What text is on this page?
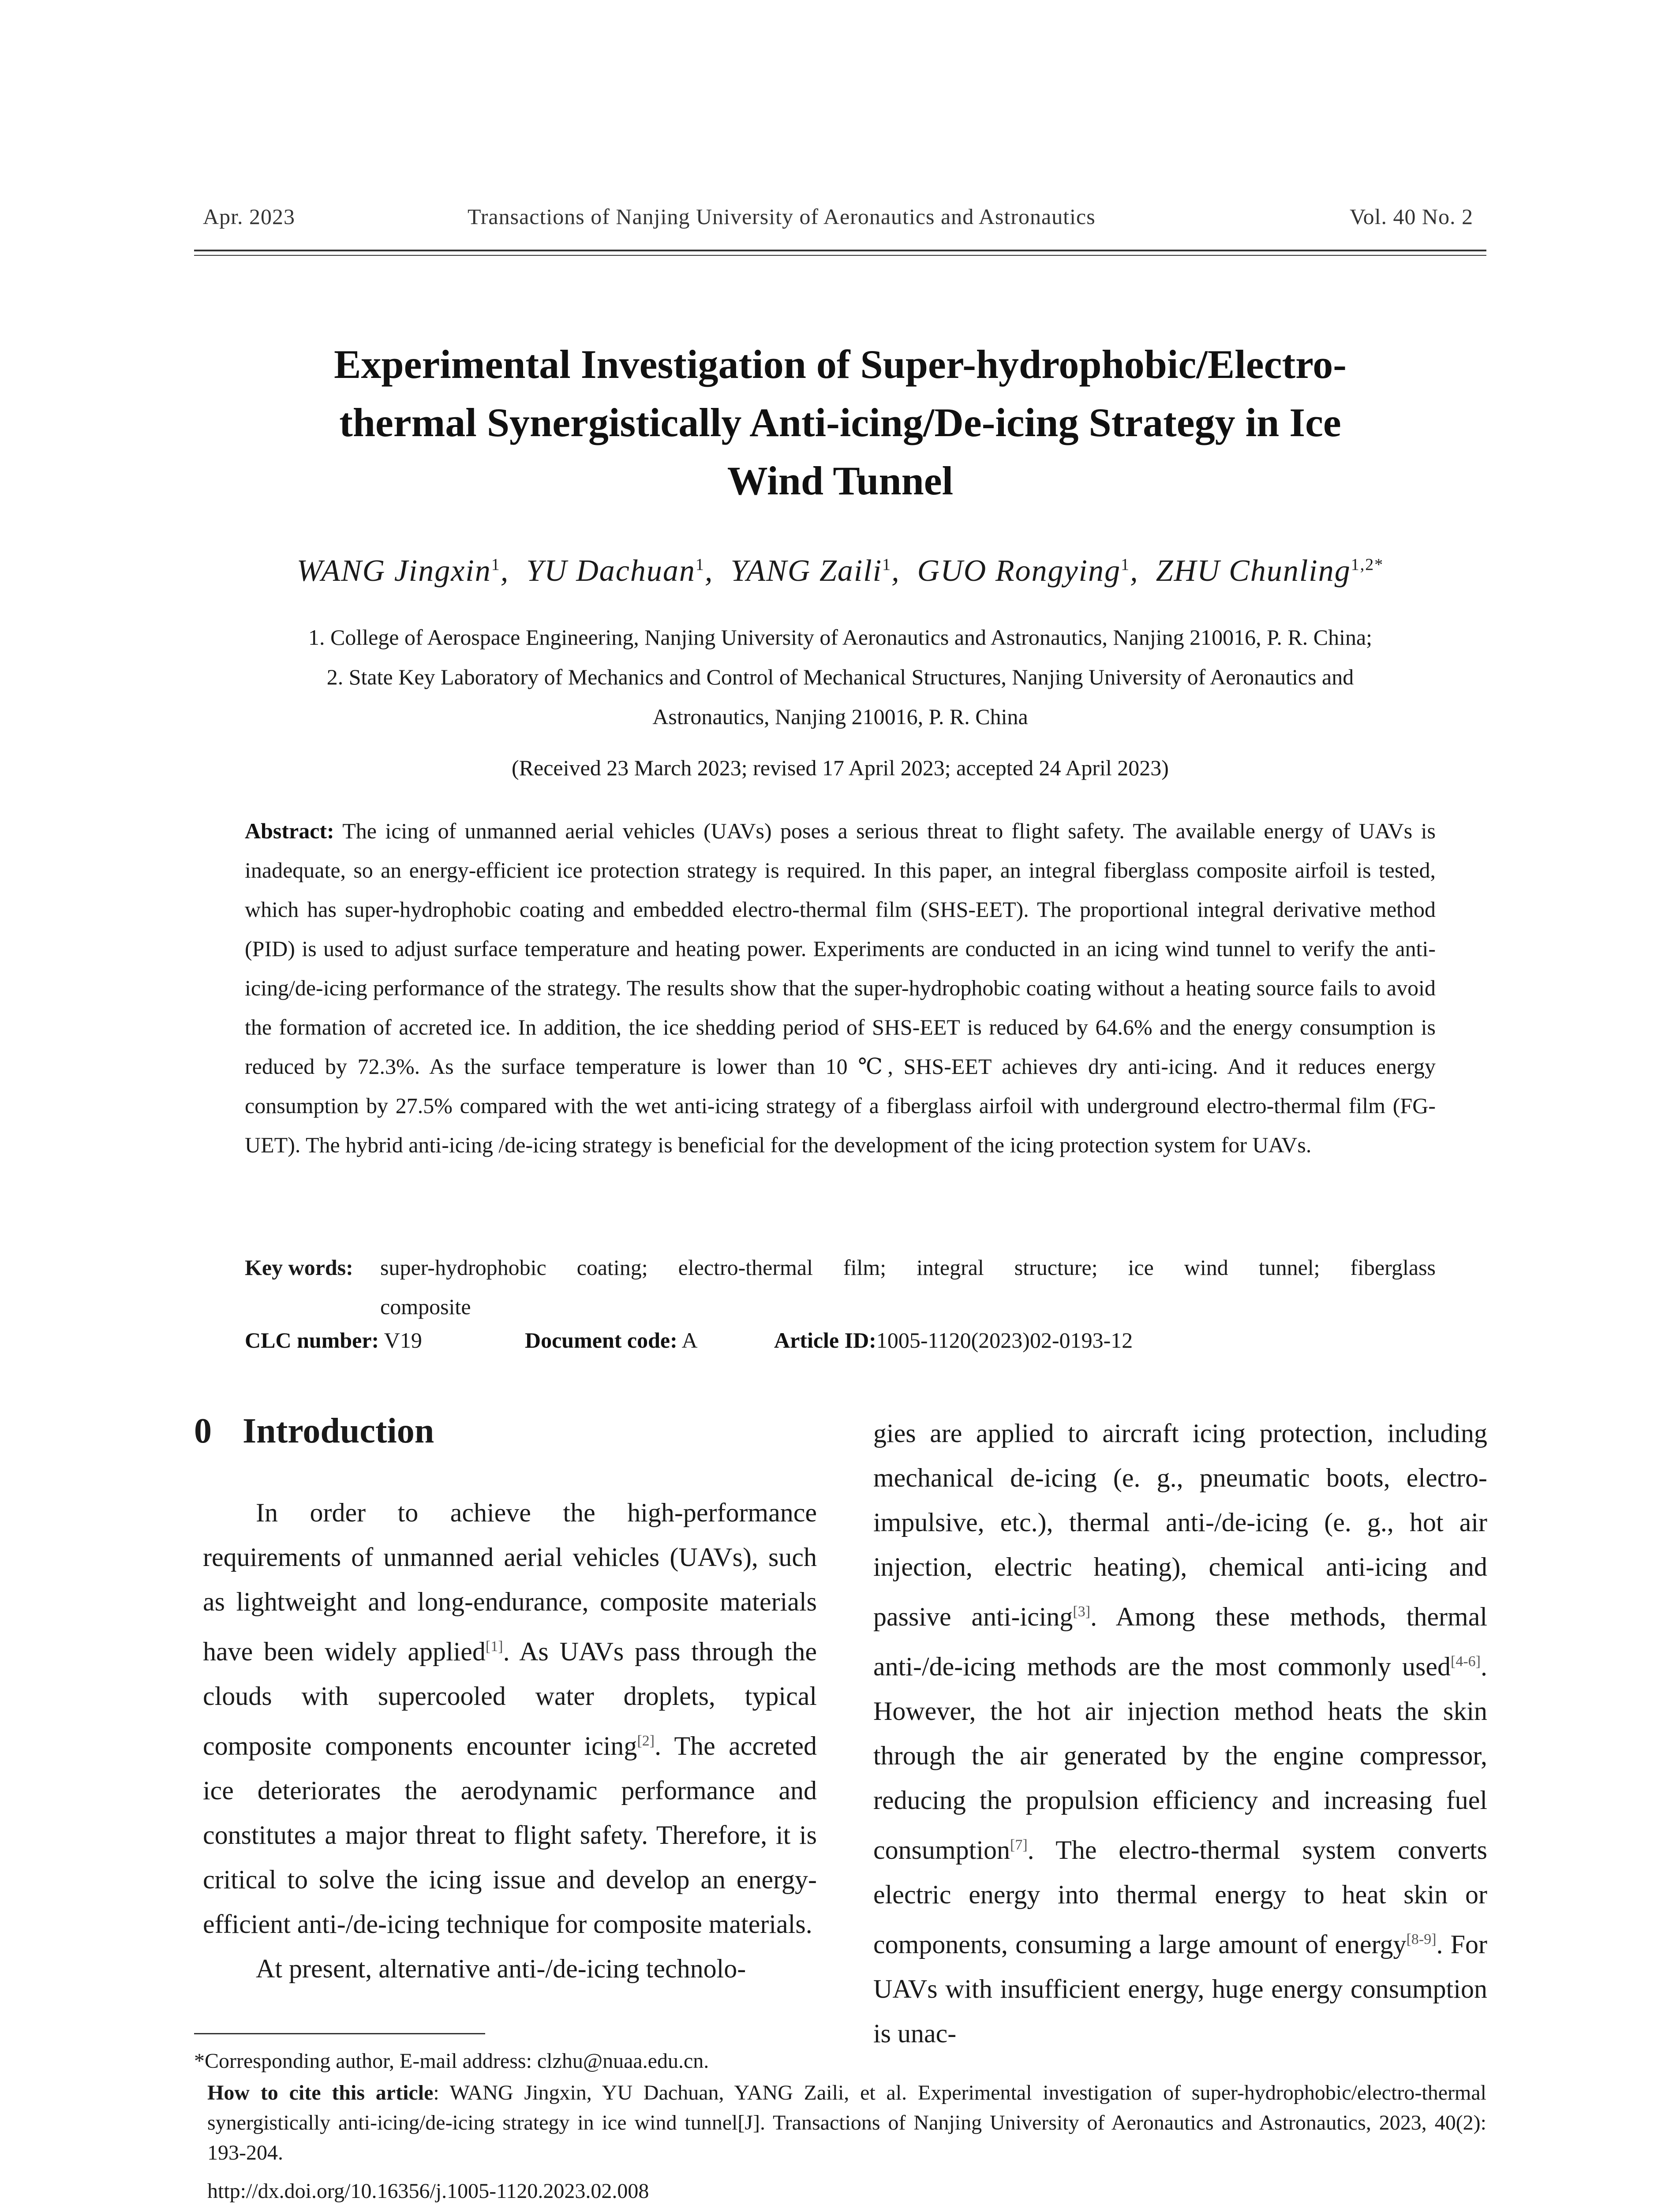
Apr. 2023	Transactions of Nanjing University of Aeronautics and Astronautics	Vol. 40 No. 2
Experimental Investigation of Super-hydrophobic/Electro-
thermal Synergistically Anti-icing/De-icing Strategy in Ice
Wind Tunnel
WANG Jingxin$^1$,  YU Dachuan$^1$,  YANG Zaili$^1$,  GUO Rongying$^1$,  ZHU Chunling$^{1,2*}$
1. College of Aerospace Engineering, Nanjing University of Aeronautics and Astronautics, Nanjing 210016, P. R. China;
2. State Key Laboratory of Mechanics and Control of Mechanical Structures, Nanjing University of Aeronautics and
Astronautics, Nanjing 210016, P. R. China
(Received 23 March 2023; revised 17 April 2023; accepted 24 April 2023)
Abstract: The icing of unmanned aerial vehicles (UAVs) poses a serious threat to flight safety. The available energy of UAVs is inadequate, so an energy-efficient ice protection strategy is required. In this paper, an integral fiberglass composite airfoil is tested, which has super-hydrophobic coating and embedded electro-thermal film (SHS-EET). The proportional integral derivative method (PID) is used to adjust surface temperature and heating power. Experiments are conducted in an icing wind tunnel to verify the anti-icing/de-icing performance of the strategy. The results show that the super-hydrophobic coating without a heating source fails to avoid the formation of accreted ice. In addition, the ice shedding period of SHS-EET is reduced by 64.6% and the energy consumption is reduced by 72.3%. As the surface temperature is lower than 10 ℃, SHS-EET achieves dry anti-icing. And it reduces energy consumption by 27.5% compared with the wet anti-icing strategy of a fiberglass airfoil with underground electro-thermal film (FG-UET). The hybrid anti-icing /de-icing strategy is beneficial for the development of the icing protection system for UAVs.
Key words: super-hydrophobic coating; electro-thermal film; integral structure; ice wind tunnel; fiberglass
composite
CLC number: V19	Document code: A	Article ID:1005-1120(2023)02-0193-12
0 Introduction

In order to achieve the high-performance requirements of unmanned aerial vehicles (UAVs), such as lightweight and long-endurance, composite materials have been widely applied[1]. As UAVs pass through the clouds with supercooled water droplets, typical composite components encounter icing[2]. The accreted ice deteriorates the aerodynamic performance and constitutes a major threat to flight safety. Therefore, it is critical to solve the icing issue and develop an energy-efficient anti-/de-icing technique for composite materials.

At present, alternative anti-/de-icing technolo-

gies are applied to aircraft icing protection, including mechanical de-icing (e. g., pneumatic boots, electro-impulsive, etc.), thermal anti-/de-icing (e. g., hot air injection, electric heating), chemical anti-icing and passive anti-icing[3]. Among these methods, thermal anti-/de-icing methods are the most commonly used[4-6]. However, the hot air injection method heats the skin through the air generated by the engine compressor, reducing the propulsion efficiency and increasing fuel consumption[7]. The electro-thermal system converts electric energy into thermal energy to heat skin or components, consuming a large amount of energy[8-9]. For UAVs with insufficient energy, huge energy consumption is unac-

*Corresponding author, E-mail address: clzhu@nuaa.edu.cn.
How to cite this article: WANG Jingxin, YU Dachuan, YANG Zaili, et al. Experimental investigation of super-hydrophobic/electro-thermal synergistically anti-icing/de-icing strategy in ice wind tunnel[J]. Transactions of Nanjing University of Aeronautics and Astronautics, 2023, 40(2): 193-204.
http://dx.doi.org/10.16356/j.1005-1120.2023.02.008
